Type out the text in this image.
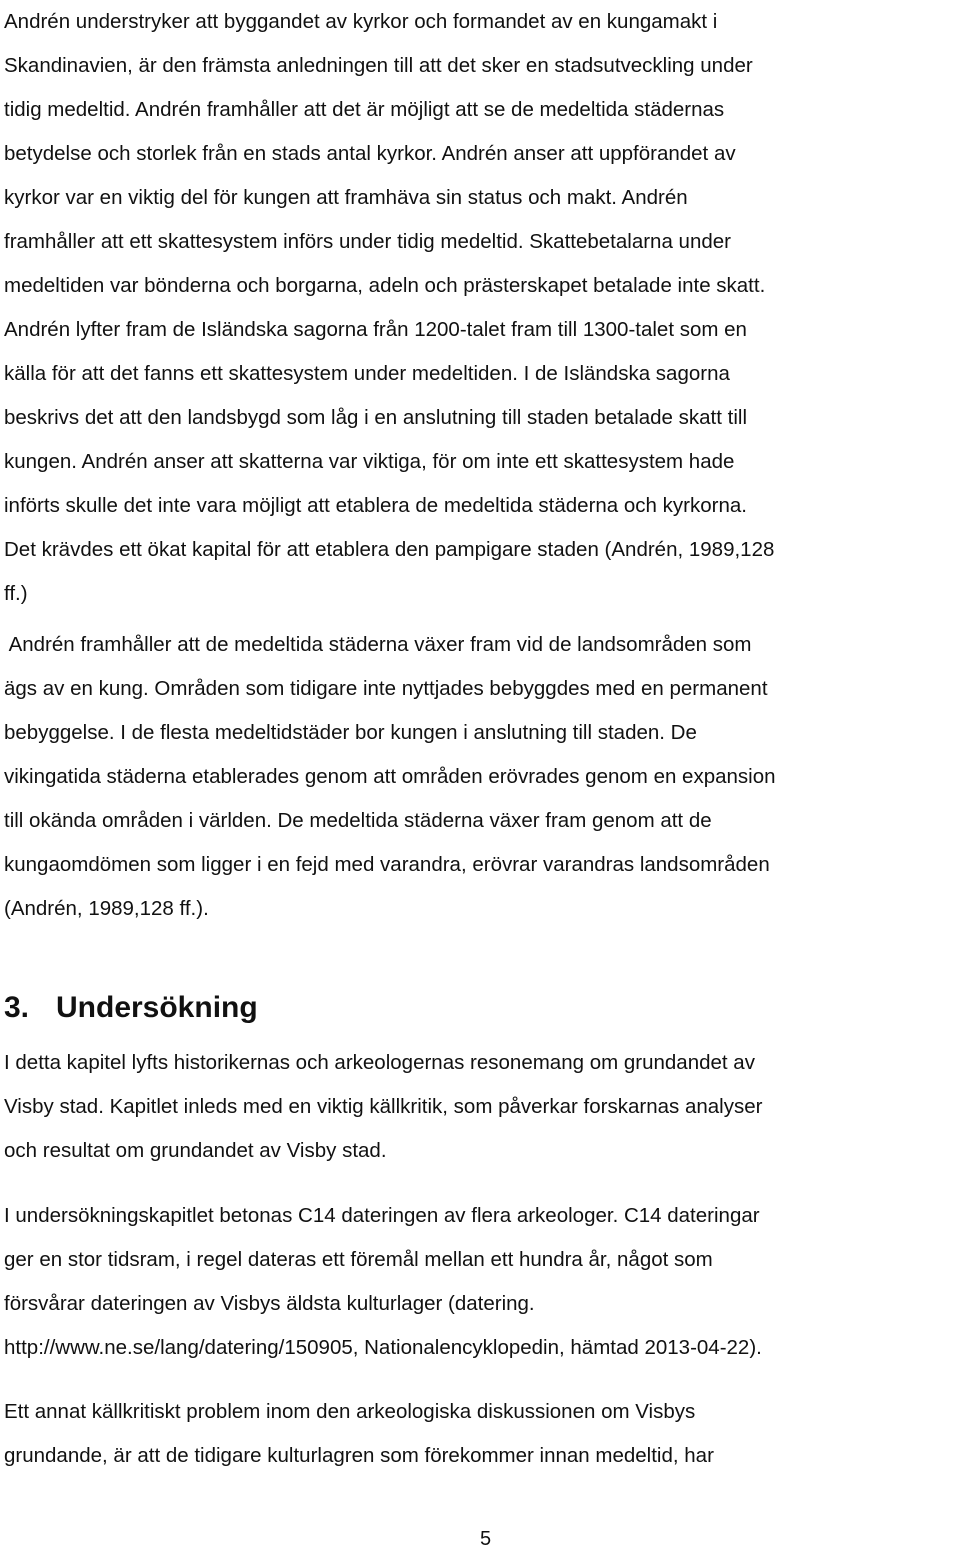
Andrén understryker att byggandet av kyrkor och formandet av en kungamakt i
Skandinavien, är den främsta anledningen till att det sker en stadsutveckling under
tidig medeltid. Andrén framhåller att det är möjligt att se de medeltida städernas
betydelse och storlek från en stads antal kyrkor. Andrén anser att uppförandet av
kyrkor var en viktig del för kungen att framhäva sin status och makt. Andrén
framhåller att ett skattesystem införs under tidig medeltid. Skattebetalarna under
medeltiden var bönderna och borgarna, adeln och prästerskapet betalade inte skatt.
Andrén lyfter fram de Isländska sagorna från 1200-talet fram till 1300-talet som en
källa för att det fanns ett skattesystem under medeltiden. I de Isländska sagorna
beskrivs det att den landsbygd som låg i en anslutning till staden betalade skatt till
kungen. Andrén anser att skatterna var viktiga, för om inte ett skattesystem hade
införts skulle det inte vara möjligt att etablera de medeltida städerna och kyrkorna.
Det krävdes ett ökat kapital för att etablera den pampigare staden (Andrén, 1989,128
ff.)

Andrén framhåller att de medeltida städerna växer fram vid de landsområden som
ägs av en kung. Områden som tidigare inte nyttjades bebyggdes med en permanent
bebyggelse. I de flesta medeltidstäder bor kungen i anslutning till staden. De
vikingatida städerna etablerades genom att områden erövrades genom en expansion
till okända områden i världen. De medeltida städerna växer fram genom att de
kungaomdömen som ligger i en fejd med varandra, erövrar varandras landsområden
(Andrén, 1989,128 ff.).

3. Undersökning

I detta kapitel lyfts historikernas och arkeologernas resonemang om grundandet av
Visby stad. Kapitlet inleds med en viktig källkritik, som påverkar forskarnas analyser
och resultat om grundandet av Visby stad.

I undersökningskapitlet betonas C14 dateringen av flera arkeologer. C14 dateringar
ger en stor tidsram, i regel dateras ett föremål mellan ett hundra år, något som
försvårar dateringen av Visbys äldsta kulturlager (datering.
http://www.ne.se/lang/datering/150905, Nationalencyklopedin, hämtad 2013-04-22).

Ett annat källkritiskt problem inom den arkeologiska diskussionen om Visbys
grundande, är att de tidigare kulturlagren som förekommer innan medeltid, har

5
